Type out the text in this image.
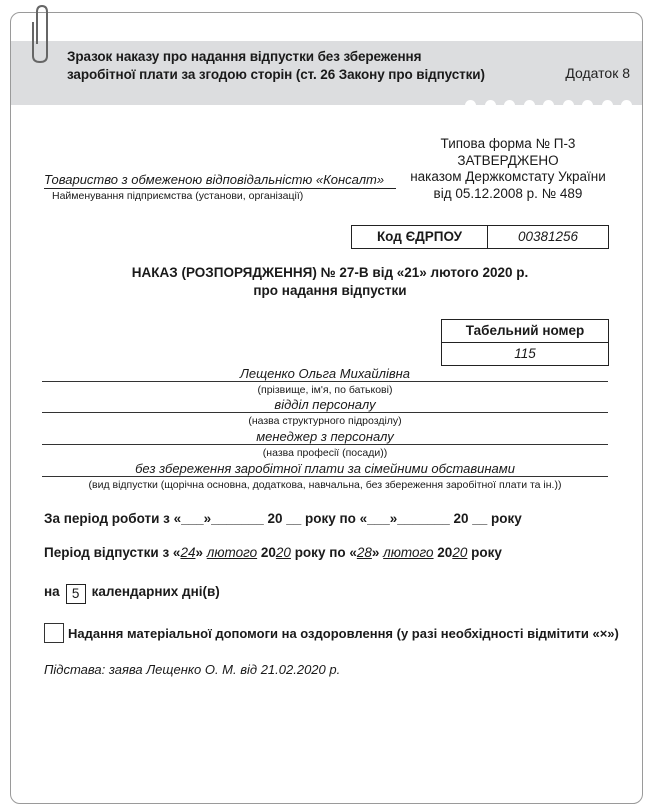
Зразок наказу про надання відпустки без збереження
заробітної плати за згодою сторін (ст. 26 Закону про відпустки)	Додаток 8
Типова форма № П-3
ЗАТВЕРДЖЕНО
наказом Держкомстату України
від 05.12.2008 р. № 489
Товариство з обмеженою відповідальністю «Консалт»
Найменування підприємства (установи, організації)
Код ЄДРПОУ	00381256
НАКАЗ (РОЗПОРЯДЖЕННЯ) № 27-В від «21» лютого 2020 р.
про надання відпустки
Табельний номер
115
Лещенко Ольга Михайлівна
(прізвище, ім'я, по батькові)
відділ персоналу
(назва структурного підрозділу)
менеджер з персоналу
(назва професії (посади))
без збереження заробітної плати за сімейними обставинами
(вид відпустки (щорічна основна, додаткова, навчальна, без збереження заробітної плати та ін.))
За період роботи з «___»_______ 20 __ року по «___»_______ 20 __ року
Період відпустки з «24» лютого 2020 року по «28» лютого 2020 року
на 5 календарних дні(в)
Надання матеріальної допомоги на оздоровлення (у разі необхідності відмітити «×»)
Підстава: заява Лещенко О. М. від 21.02.2020 р.
